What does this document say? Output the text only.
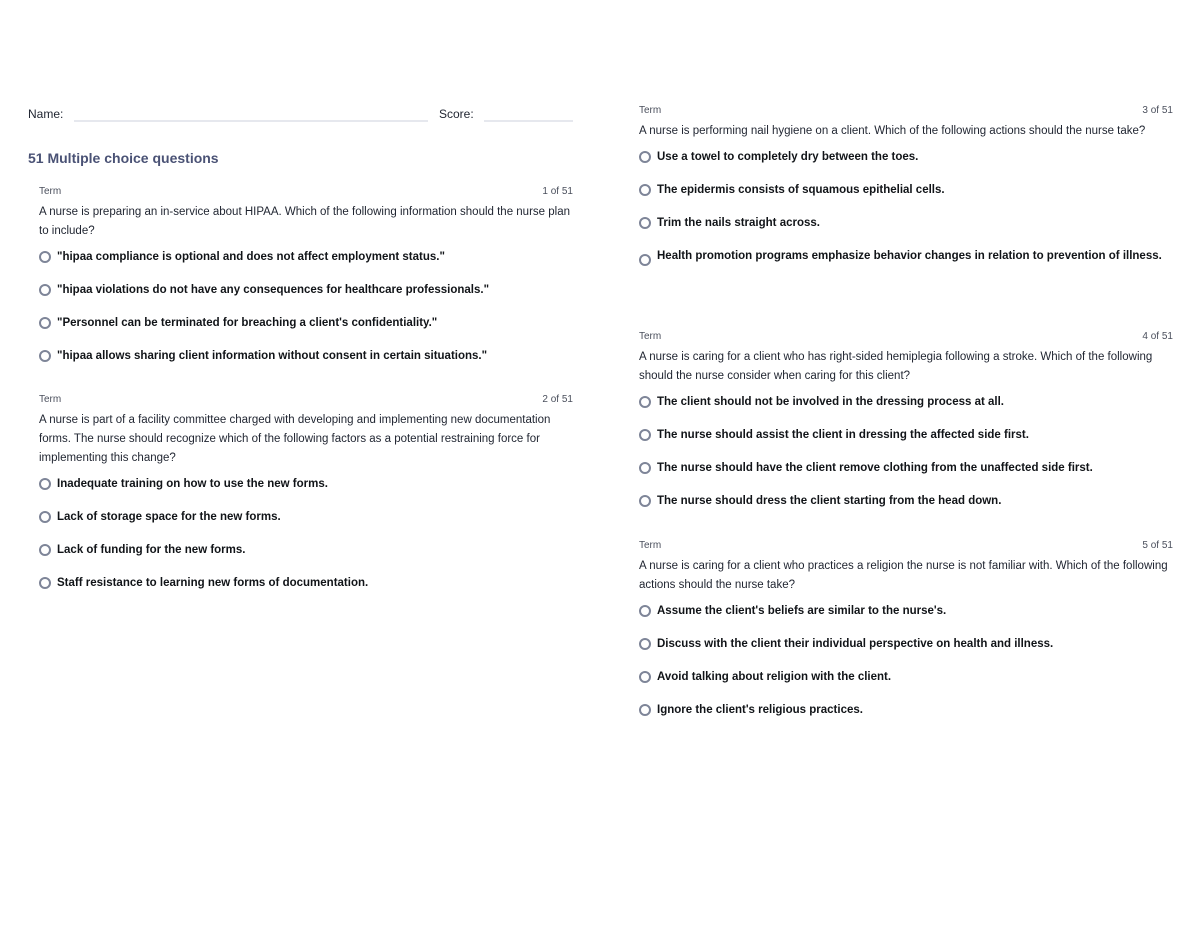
Name:	Score:
51 Multiple choice questions
Term	1 of 51
A nurse is preparing an in-service about HIPAA. Which of the following information should the nurse plan to include?
"hipaa compliance is optional and does not affect employment status."
"hipaa violations do not have any consequences for healthcare professionals."
"Personnel can be terminated for breaching a client's confidentiality."
"hipaa allows sharing client information without consent in certain situations."
Term	2 of 51
A nurse is part of a facility committee charged with developing and implementing new documentation forms. The nurse should recognize which of the following factors as a potential restraining force for implementing this change?
Inadequate training on how to use the new forms.
Lack of storage space for the new forms.
Lack of funding for the new forms.
Staff resistance to learning new forms of documentation.
Term	3 of 51
A nurse is performing nail hygiene on a client. Which of the following actions should the nurse take?
Use a towel to completely dry between the toes.
The epidermis consists of squamous epithelial cells.
Trim the nails straight across.
Health promotion programs emphasize behavior changes in relation to prevention of illness.
Term	4 of 51
A nurse is caring for a client who has right-sided hemiplegia following a stroke. Which of the following should the nurse consider when caring for this client?
The client should not be involved in the dressing process at all.
The nurse should assist the client in dressing the affected side first.
The nurse should have the client remove clothing from the unaffected side first.
The nurse should dress the client starting from the head down.
Term	5 of 51
A nurse is caring for a client who practices a religion the nurse is not familiar with. Which of the following actions should the nurse take?
Assume the client's beliefs are similar to the nurse's.
Discuss with the client their individual perspective on health and illness.
Avoid talking about religion with the client.
Ignore the client's religious practices.
